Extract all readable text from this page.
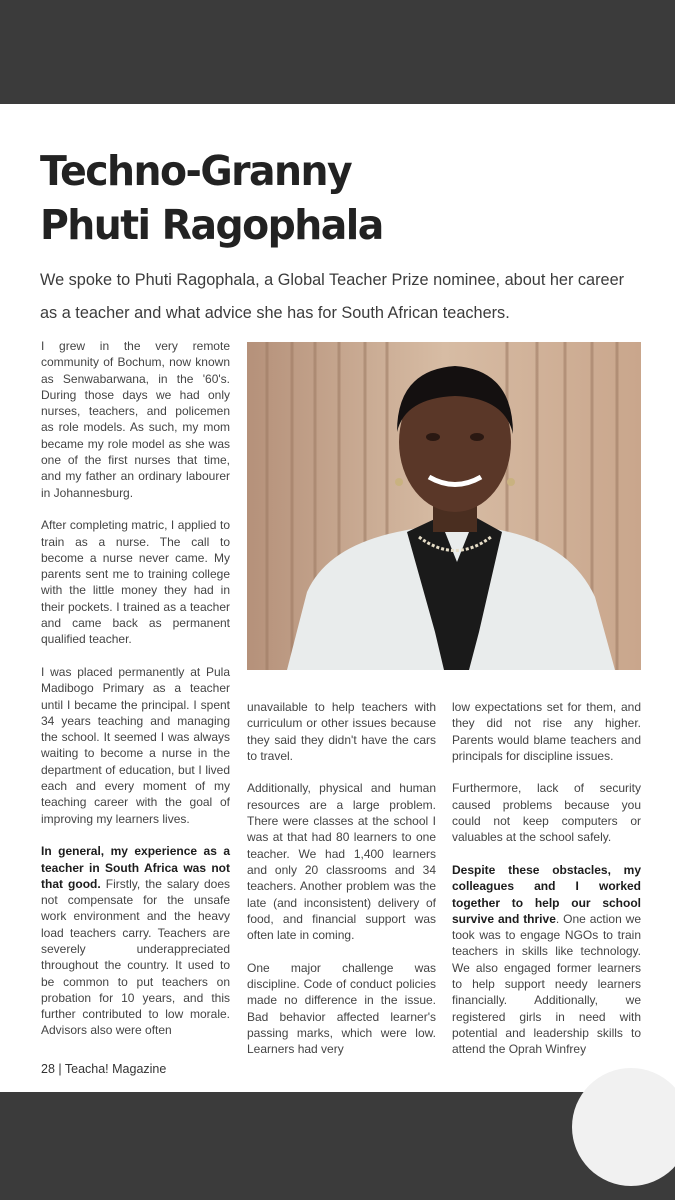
Techno-Granny
Phuti Ragophala
We spoke to Phuti Ragophala, a Global Teacher Prize nominee, about her career as a teacher and what advice she has for South African teachers.

I grew in the very remote community of Bochum, now known as Senwabarwana, in the '60's. During those days we had only nurses, teachers, and policemen as role models. As such, my mom became my role model as she was one of the first nurses that time, and my father an ordinary labourer in Johannesburg.

After completing matric, I applied to train as a nurse. The call to become a nurse never came. My parents sent me to training college with the little money they had in their pockets. I trained as a teacher and came back as permanent qualified teacher.

I was placed permanently at Pula Madibogo Primary as a teacher until I became the principal. I spent 34 years teaching and managing the school. It seemed I was always waiting to become a nurse in the department of education, but I lived each and every moment of my teaching career with the goal of improving my learners lives.

In general, my experience as a teacher in South Africa was not that good. Firstly, the salary does not compensate for the unsafe work environment and the heavy load teachers carry. Teachers are severely underappreciated throughout the country. It used to be common to put teachers on probation for 10 years, and this further contributed to low morale. Advisors also were often

unavailable to help teachers with curriculum or other issues because they said they didn't have the cars to travel.

Additionally, physical and human resources are a large problem. There were classes at the school I was at that had 80 learners to one teacher. We had 1,400 learners and only 20 classrooms and 34 teachers. Another problem was the late (and inconsistent) delivery of food, and financial support was often late in coming.

One major challenge was discipline. Code of conduct policies made no difference in the issue. Bad behavior affected learner's passing marks, which were low. Learners had very

low expectations set for them, and they did not rise any higher. Parents would blame teachers and principals for discipline issues.

Furthermore, lack of security caused problems because you could not keep computers or valuables at the school safely.

Despite these obstacles, my colleagues and I worked together to help our school survive and thrive. One action we took was to engage NGOs to train teachers in skills like technology. We also engaged former learners to help support needy learners financially. Additionally, we registered girls in need with potential and leadership skills to attend the Oprah Winfrey

28 | Teacha! Magazine
